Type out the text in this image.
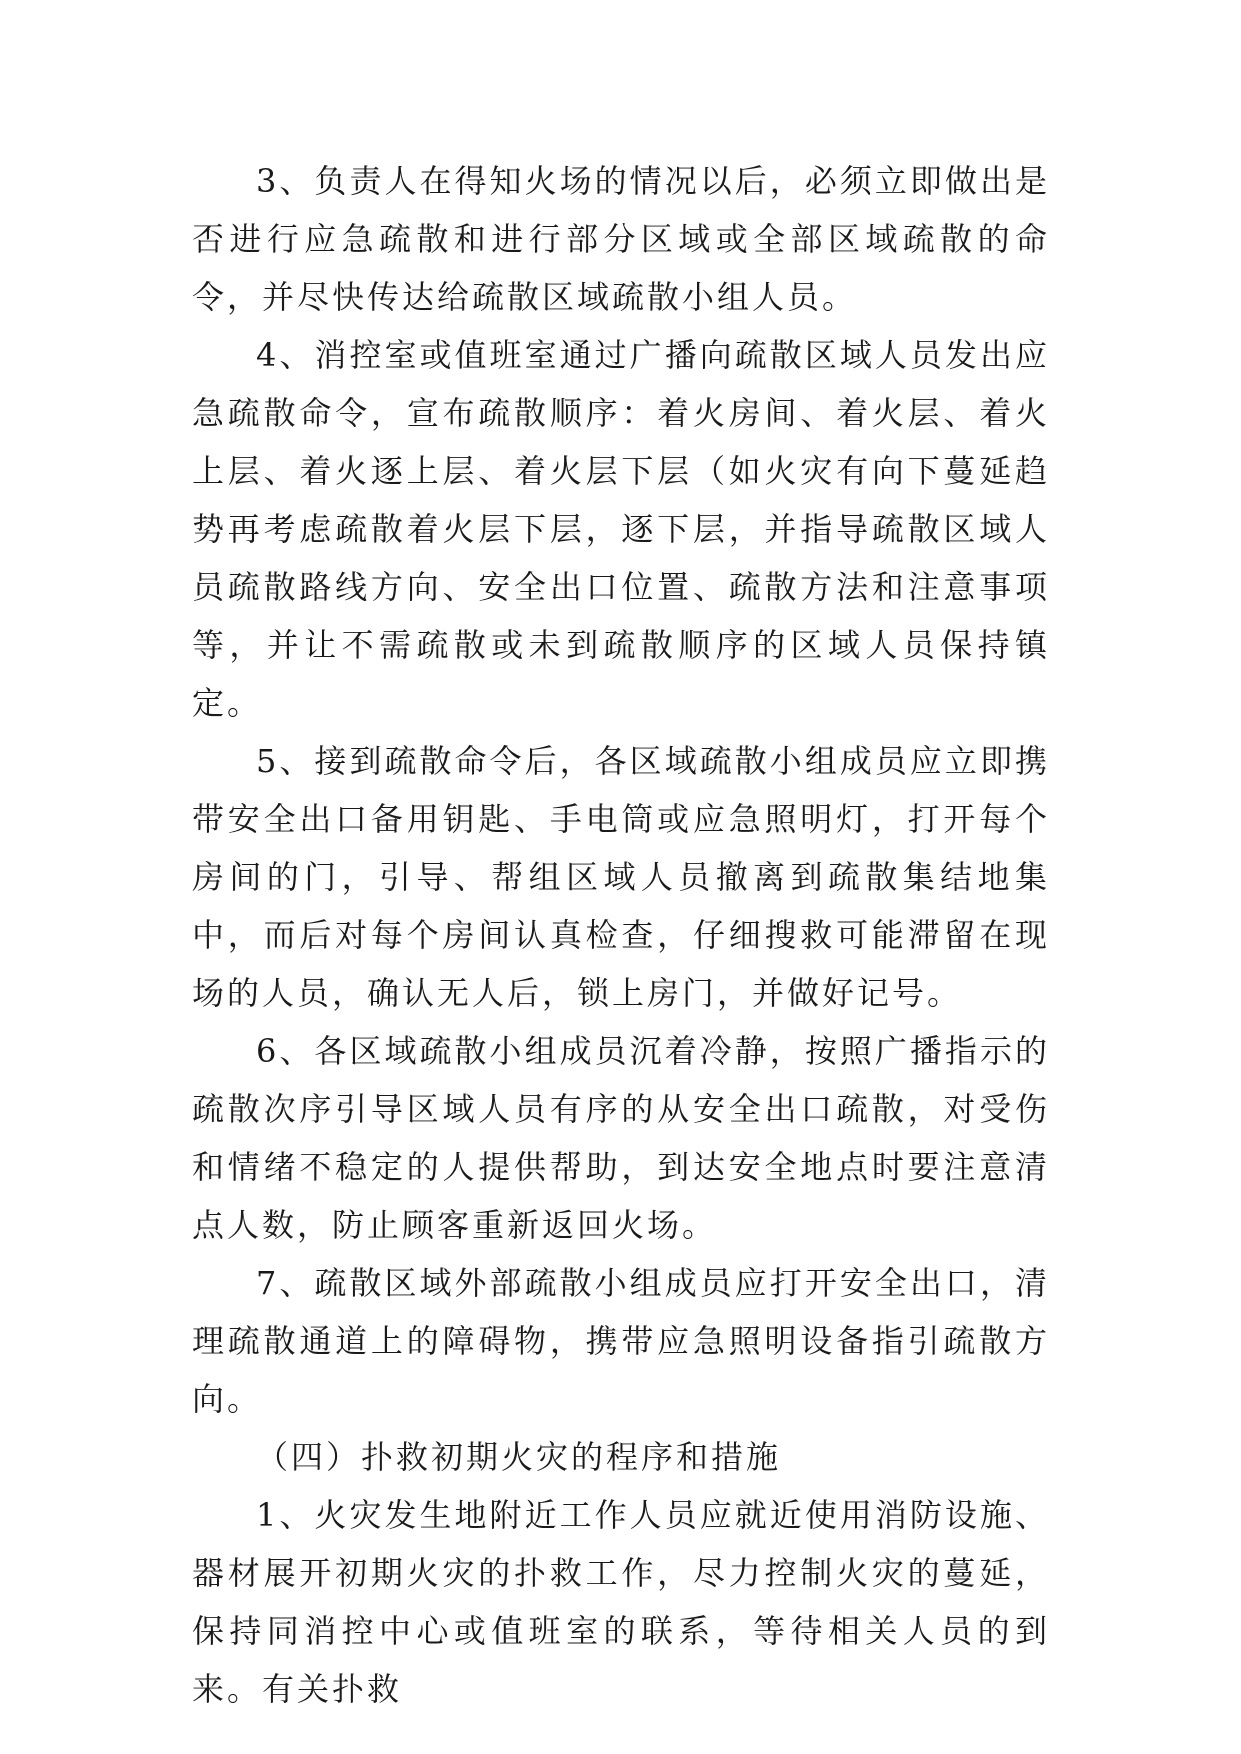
3、负责人在得知火场的情况以后，必须立即做出是否进行应急疏散和进行部分区域或全部区域疏散的命令，并尽快传达给疏散区域疏散小组人员。

4、消控室或值班室通过广播向疏散区域人员发出应急疏散命令，宣布疏散顺序：着火房间、着火层、着火上层、着火逐上层、着火层下层（如火灾有向下蔓延趋势再考虑疏散着火层下层，逐下层，并指导疏散区域人员疏散路线方向、安全出口位置、疏散方法和注意事项等，并让不需疏散或未到疏散顺序的区域人员保持镇定。

5、接到疏散命令后，各区域疏散小组成员应立即携带安全出口备用钥匙、手电筒或应急照明灯，打开每个房间的门，引导、帮组区域人员撤离到疏散集结地集中，而后对每个房间认真检查，仔细搜救可能滞留在现场的人员，确认无人后，锁上房门，并做好记号。

6、各区域疏散小组成员沉着冷静，按照广播指示的疏散次序引导区域人员有序的从安全出口疏散，对受伤和情绪不稳定的人提供帮助，到达安全地点时要注意清点人数，防止顾客重新返回火场。

7、疏散区域外部疏散小组成员应打开安全出口，清理疏散通道上的障碍物，携带应急照明设备指引疏散方向。

（四）扑救初期火灾的程序和措施

1、火灾发生地附近工作人员应就近使用消防设施、器材展开初期火灾的扑救工作，尽力控制火灾的蔓延，保持同消控中心或值班室的联系，等待相关人员的到来。有关扑救
